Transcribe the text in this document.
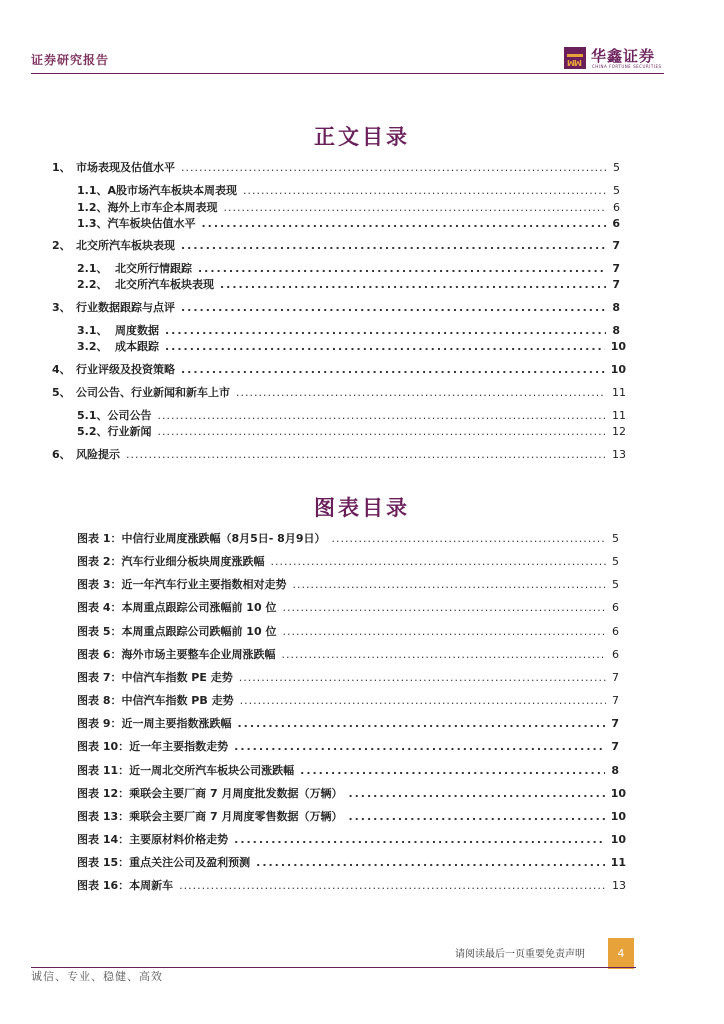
证券研究报告	ꟽꟽ 华鑫证券
CHINA FORTUNE SECURITIES
正文目录
1、 市场表现及估值水平 .....	5
1.1、 A股市场汽车板块本周表现 .....	5
1.2、 海外上市车企本周表现 .....	6
1.3、 汽车板块估值水平 .....	6
2、 北交所汽车板块表现 .....	7
2.1、 北交所行情跟踪 .....	7
2.2、 北交所汽车板块表现 .....	7
3、 行业数据跟踪与点评 .....	8
3.1、 周度数据 .....	8
3.2、 成本跟踪 .....	10
4、 行业评级及投资策略 .....	10
5、 公司公告、行业新闻和新车上市 .....	11
5.1、 公司公告 .....	11
5.2、 行业新闻 .....	12
6、 风险提示 .....	13
图表目录
图表 1：中信行业周度涨跌幅（8月5日- 8月9日） .....	5
图表 2：汽车行业细分板块周度涨跌幅 .....	5
图表 3：近一年汽车行业主要指数相对走势 .....	5
图表 4：本周重点跟踪公司涨幅前 10 位 .....	6
图表 5：本周重点跟踪公司跌幅前 10 位 .....	6
图表 6：海外市场主要整车企业周涨跌幅 .....	6
图表 7：中信汽车指数 PE 走势 .....	7
图表 8：中信汽车指数 PB 走势 .....	7
图表 9：近一周主要指数涨跌幅 .....	7
图表 10：近一年主要指数走势 .....	7
图表 11：近一周北交所汽车板块公司涨跌幅 .....	8
图表 12：乘联会主要厂商 7 月周度批发数据（万辆） .....	10
图表 13：乘联会主要厂商 7 月周度零售数据（万辆） .....	10
图表 14：主要原材料价格走势 .....	10
图表 15：重点关注公司及盈利预测 .....	11
图表 16：本周新车 .....	13
请阅读最后一页重要免责声明	4
诚信、专业、稳健、高效
